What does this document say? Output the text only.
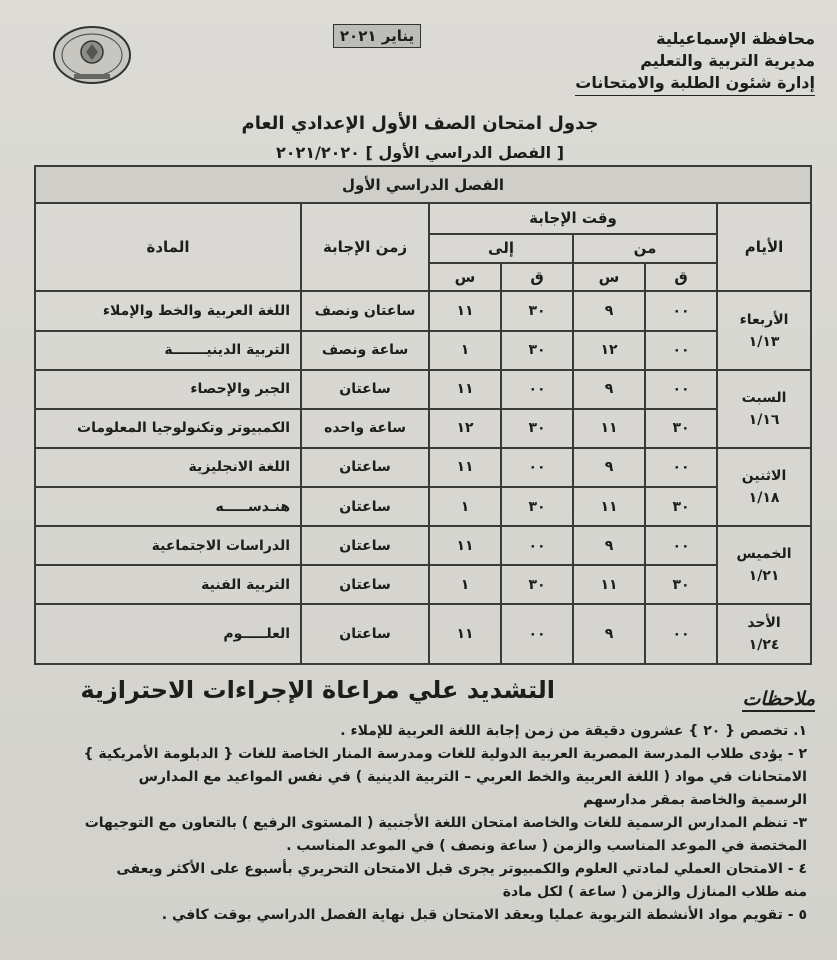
محافظة الإسماعيلية
مديرية التربية والتعليم
إدارة شئون الطلبة والامتحانات
يناير ٢٠٢١
جدول امتحان الصف الأول الإعدادي العام
[ الفصل الدراسي الأول ] ٢٠٢١/٢٠٢٠
الفصل الدراسي الأول						
الأيام	وقت الإجابة				زمن الإجابة	المادة
	من		إلى			
	ق	س	ق	س		

الأربعاء
١/١٣	٠٠	٩	٣٠	١١	ساعتان ونصف	اللغة العربية والخط والإملاء
	٠٠	١٢	٣٠	١	ساعة ونصف	التربية الدينيـــــــة

السبت
١/١٦	٠٠	٩	٠٠	١١	ساعتان	الجبر والإحصاء
	٣٠	١١	٣٠	١٢	ساعة واحده	الكمبيوتر وتكنولوجيا المعلومات

الاثنين
١/١٨	٠٠	٩	٠٠	١١	ساعتان	اللغة الانجليزية
	٣٠	١١	٣٠	١	ساعتان	هنـدســـــه

الخميس
١/٢١	٠٠	٩	٠٠	١١	ساعتان	الدراسات الاجتماعية
	٣٠	١١	٣٠	١	ساعتان	التربية الفنية

الأحد
١/٢٤	٠٠	٩	٠٠	١١	ساعتان	العلـــــوم
ملاحظات
التشديد علي مراعاة الإجراءات الاحترازية

١. تخصص { ٢٠ } عشرون دقيقة من زمن إجابة اللغة العربية للإملاء .

٢ - يؤدى طلاب المدرسة المصرية العربية الدولية للغات ومدرسة المنار الخاصة للغات { الدبلومة الأمريكية }

الامتحانات في مواد ( اللغة العربية والخط العربي – التربية الدينية ) في نفس المواعيد مع المدارس

الرسمية والخاصة بمقر مدارسهم

٣- تنظم المدارس الرسمية للغات والخاصة امتحان اللغة الأجنبية ( المستوى الرفيع ) بالتعاون مع التوجيهات

المختصة في الموعد المناسب والزمن ( ساعة ونصف ) في الموعد المناسب .

٤ - الامتحان العملي لمادتي العلوم والكمبيوتر يجرى قبل الامتحان التحريري بأسبوع على الأكثر ويعفى

منه طلاب المنازل والزمن ( ساعة ) لكل مادة

٥ - تقويم مواد الأنشطة التربوية عمليا ويعقد الامتحان قبل نهاية الفصل الدراسي بوقت كافي .
